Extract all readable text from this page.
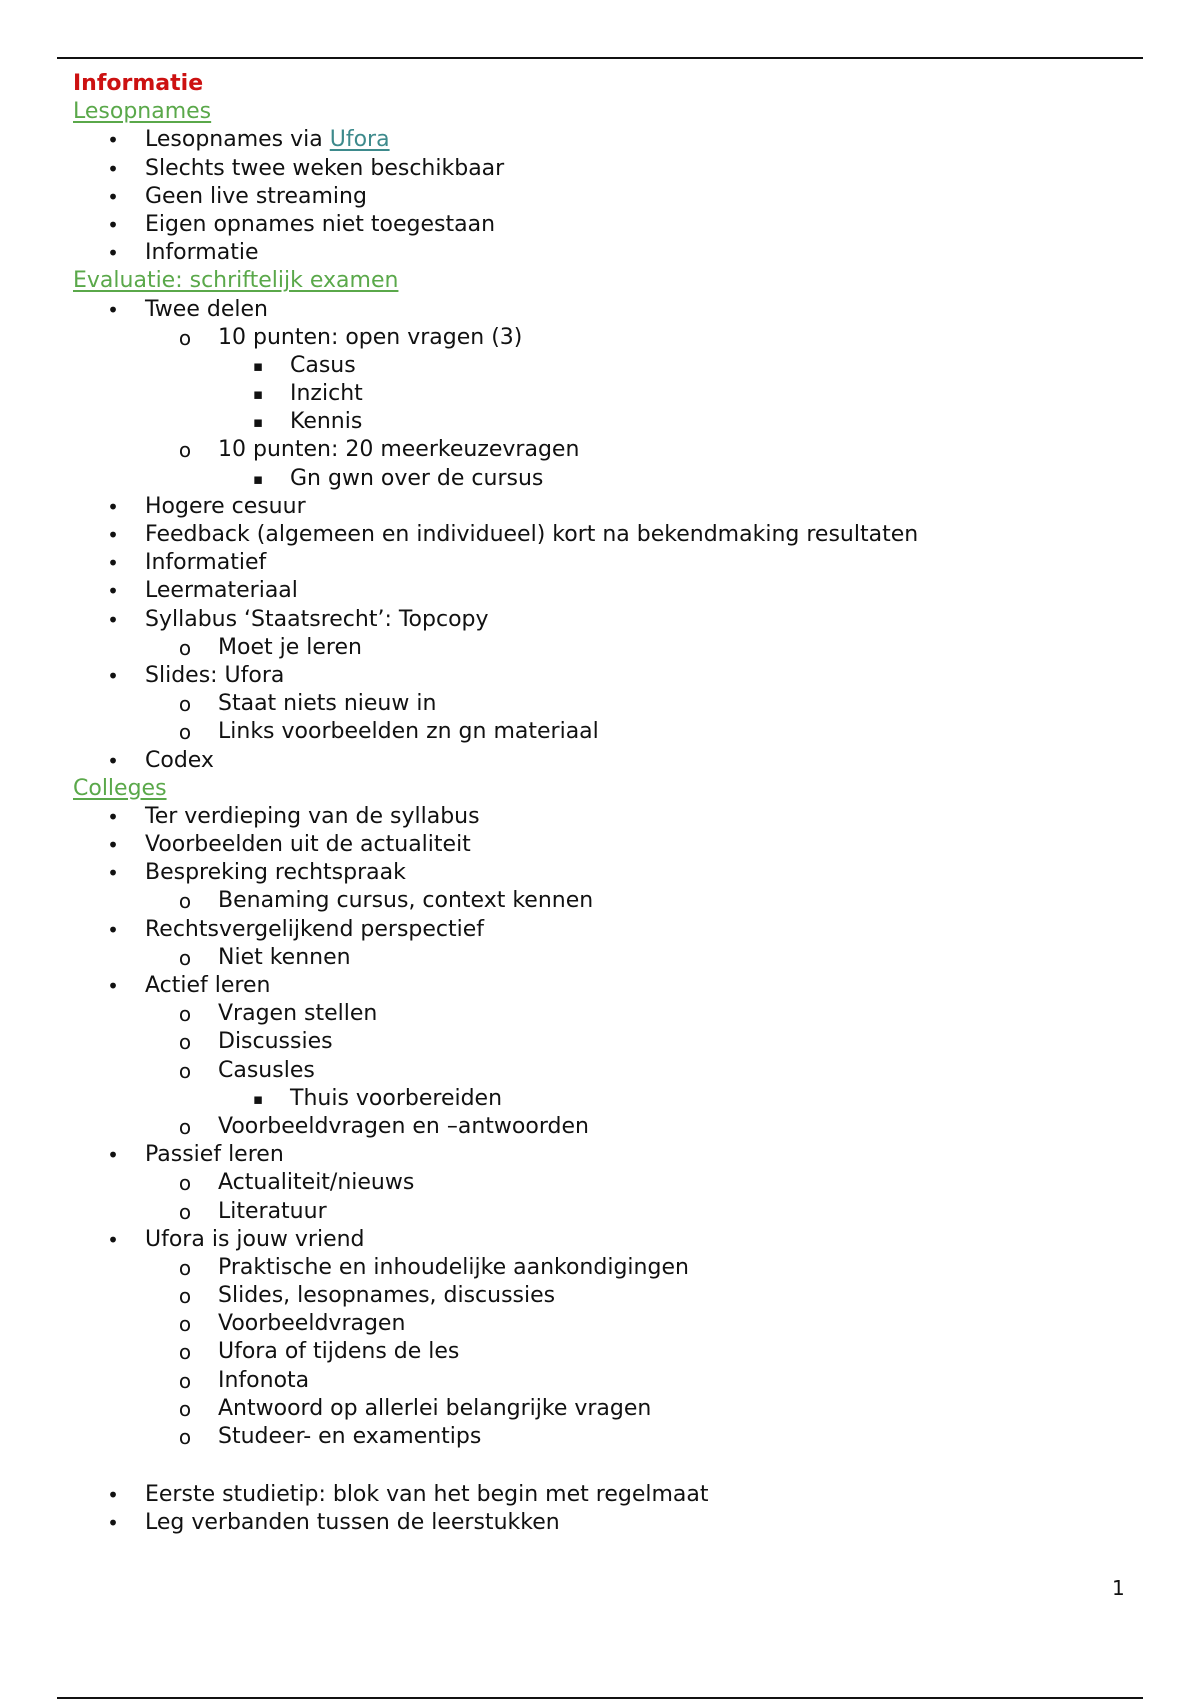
Informatie
Lesopnames
• Lesopnames via Ufora
• Slechts twee weken beschikbaar
• Geen live streaming
• Eigen opnames niet toegestaan
• Informatie
Evaluatie: schriftelijk examen
• Twee delen
o 10 punten: open vragen (3)
▪ Casus
▪ Inzicht
▪ Kennis
o 10 punten: 20 meerkeuzevragen
▪ Gn gwn over de cursus
• Hogere cesuur
• Feedback (algemeen en individueel) kort na bekendmaking resultaten
• Informatief
• Leermateriaal
• Syllabus ‘Staatsrecht’: Topcopy
o Moet je leren
• Slides: Ufora
o Staat niets nieuw in
o Links voorbeelden zn gn materiaal
• Codex
Colleges
• Ter verdieping van de syllabus
• Voorbeelden uit de actualiteit
• Bespreking rechtspraak
o Benaming cursus, context kennen
• Rechtsvergelijkend perspectief
o Niet kennen
• Actief leren
o Vragen stellen
o Discussies
o Casusles
▪ Thuis voorbereiden
o Voorbeeldvragen en –antwoorden
• Passief leren
o Actualiteit/nieuws
o Literatuur
• Ufora is jouw vriend
o Praktische en inhoudelijke aankondigingen
o Slides, lesopnames, discussies
o Voorbeeldvragen
o Ufora of tijdens de les
o Infonota
o Antwoord op allerlei belangrijke vragen
o Studeer- en examentips
• Eerste studietip: blok van het begin met regelmaat
• Leg verbanden tussen de leerstukken
1
